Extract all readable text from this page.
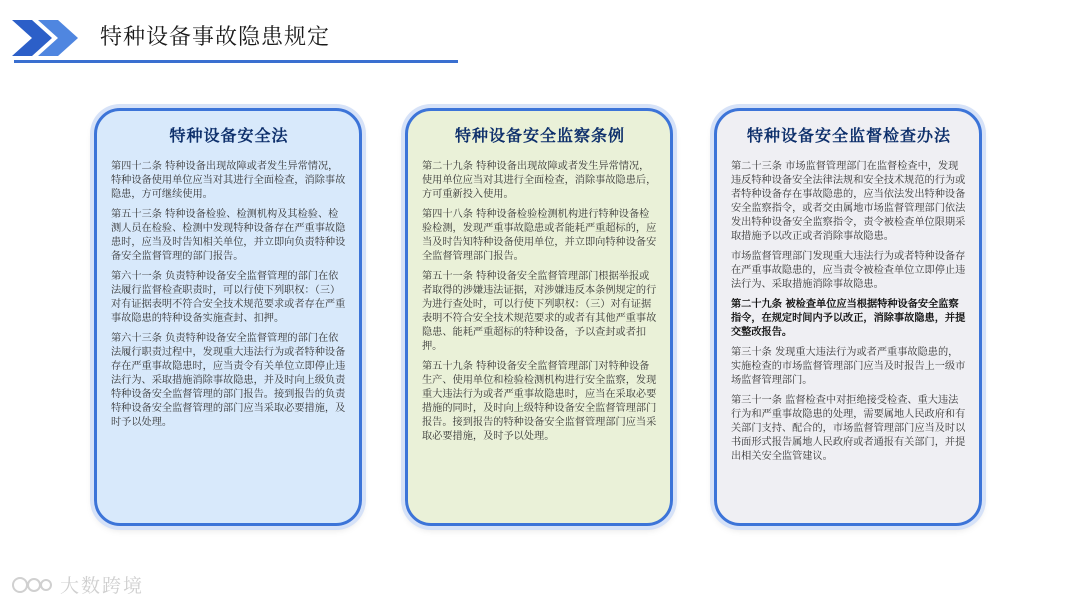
特种设备事故隐患规定
特种设备安全法

第四十二条 特种设备出现故障或者发生异常情况，特种设备使用单位应当对其进行全面检查，消除事故隐患，方可继续使用。

第五十三条 特种设备检验、检测机构及其检验、检测人员在检验、检测中发现特种设备存在严重事故隐患时，应当及时告知相关单位，并立即向负责特种设备安全监督管理的部门报告。

第六十一条 负责特种设备安全监督管理的部门在依法履行监督检查职责时，可以行使下列职权：（三）对有证据表明不符合安全技术规范要求或者存在严重事故隐患的特种设备实施查封、扣押。

第六十三条 负责特种设备安全监督管理的部门在依法履行职责过程中，发现重大违法行为或者特种设备存在严重事故隐患时，应当责令有关单位立即停止违法行为、采取措施消除事故隐患，并及时向上级负责特种设备安全监督管理的部门报告。接到报告的负责特种设备安全监督管理的部门应当采取必要措施，及时予以处理。

特种设备安全监察条例

第二十九条 特种设备出现故障或者发生异常情况，使用单位应当对其进行全面检查，消除事故隐患后，方可重新投入使用。

第四十八条 特种设备检验检测机构进行特种设备检验检测，发现严重事故隐患或者能耗严重超标的，应当及时告知特种设备使用单位，并立即向特种设备安全监督管理部门报告。

第五十一条 特种设备安全监督管理部门根据举报或者取得的涉嫌违法证据，对涉嫌违反本条例规定的行为进行查处时，可以行使下列职权：（三）对有证据表明不符合安全技术规范要求的或者有其他严重事故隐患、能耗严重超标的特种设备，予以查封或者扣押。

第五十九条 特种设备安全监督管理部门对特种设备生产、使用单位和检验检测机构进行安全监察，发现重大违法行为或者严重事故隐患时，应当在采取必要措施的同时，及时向上级特种设备安全监督管理部门报告。接到报告的特种设备安全监督管理部门应当采取必要措施，及时予以处理。

特种设备安全监督检查办法

第二十三条 市场监督管理部门在监督检查中，发现违反特种设备安全法律法规和安全技术规范的行为或者特种设备存在事故隐患的，应当依法发出特种设备安全监察指令，或者交由属地市场监督管理部门依法发出特种设备安全监察指令，责令被检查单位限期采取措施予以改正或者消除事故隐患。

市场监督管理部门发现重大违法行为或者特种设备存在严重事故隐患的，应当责令被检查单位立即停止违法行为、采取措施消除事故隐患。

第二十九条 被检查单位应当根据特种设备安全监察指令，在规定时间内予以改正，消除事故隐患，并提交整改报告。

第三十条 发现重大违法行为或者严重事故隐患的，实施检查的市场监督管理部门应当及时报告上一级市场监督管理部门。

第三十一条 监督检查中对拒绝接受检查、重大违法行为和严重事故隐患的处理，需要属地人民政府和有关部门支持、配合的，市场监督管理部门应当及时以书面形式报告属地人民政府或者通报有关部门，并提出相关安全监管建议。

大数跨境
